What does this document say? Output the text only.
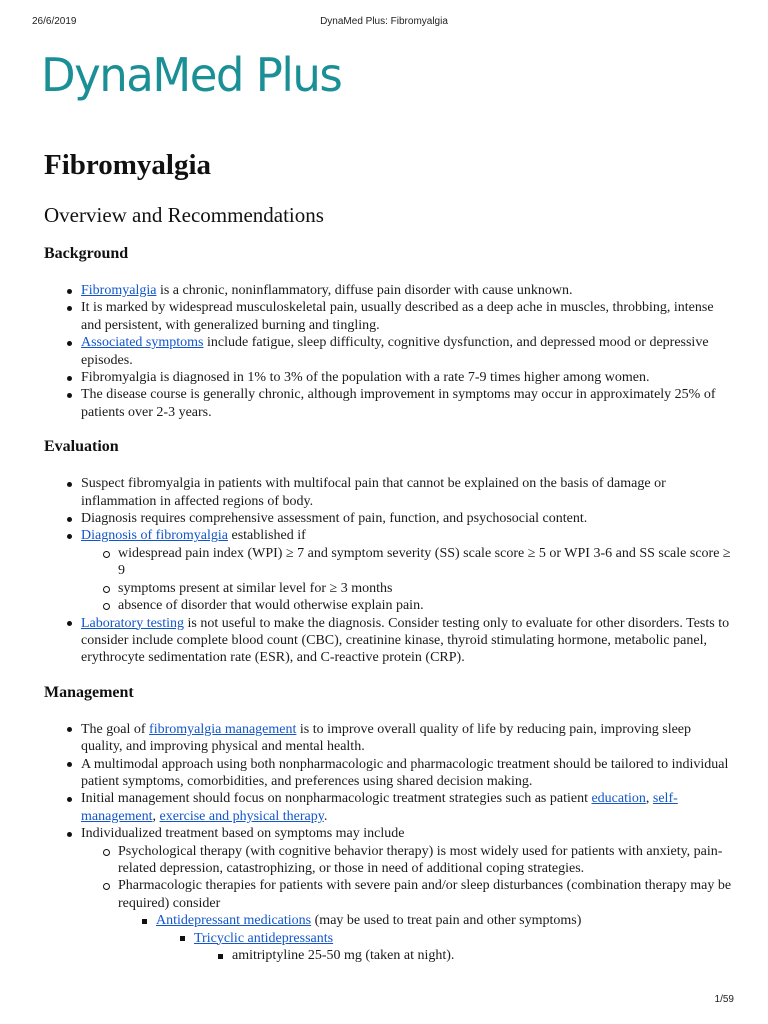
26/6/2019	DynaMed Plus: Fibromyalgia
DynaMed Plus
Fibromyalgia
Overview and Recommendations
Background
Fibromyalgia is a chronic, noninflammatory, diffuse pain disorder with cause unknown.
It is marked by widespread musculoskeletal pain, usually described as a deep ache in muscles, throbbing, intense and persistent, with generalized burning and tingling.
Associated symptoms include fatigue, sleep difficulty, cognitive dysfunction, and depressed mood or depressive episodes.
Fibromyalgia is diagnosed in 1% to 3% of the population with a rate 7-9 times higher among women.
The disease course is generally chronic, although improvement in symptoms may occur in approximately 25% of patients over 2-3 years.
Evaluation
Suspect fibromyalgia in patients with multifocal pain that cannot be explained on the basis of damage or inflammation in affected regions of body.
Diagnosis requires comprehensive assessment of pain, function, and psychosocial content.
Diagnosis of fibromyalgia established if
widespread pain index (WPI) ≥ 7 and symptom severity (SS) scale score ≥ 5 or WPI 3-6 and SS scale score ≥ 9
symptoms present at similar level for ≥ 3 months
absence of disorder that would otherwise explain pain.
Laboratory testing is not useful to make the diagnosis. Consider testing only to evaluate for other disorders. Tests to consider include complete blood count (CBC), creatinine kinase, thyroid stimulating hormone, metabolic panel, erythrocyte sedimentation rate (ESR), and C-reactive protein (CRP).
Management
The goal of fibromyalgia management is to improve overall quality of life by reducing pain, improving sleep quality, and improving physical and mental health.
A multimodal approach using both nonpharmacologic and pharmacologic treatment should be tailored to individual patient symptoms, comorbidities, and preferences using shared decision making.
Initial management should focus on nonpharmacologic treatment strategies such as patient education, self-management, exercise and physical therapy.
Individualized treatment based on symptoms may include
Psychological therapy (with cognitive behavior therapy) is most widely used for patients with anxiety, pain-related depression, catastrophizing, or those in need of additional coping strategies.
Pharmacologic therapies for patients with severe pain and/or sleep disturbances (combination therapy may be required) consider
Antidepressant medications (may be used to treat pain and other symptoms)
Tricyclic antidepressants
amitriptyline 25-50 mg (taken at night).
1/59
